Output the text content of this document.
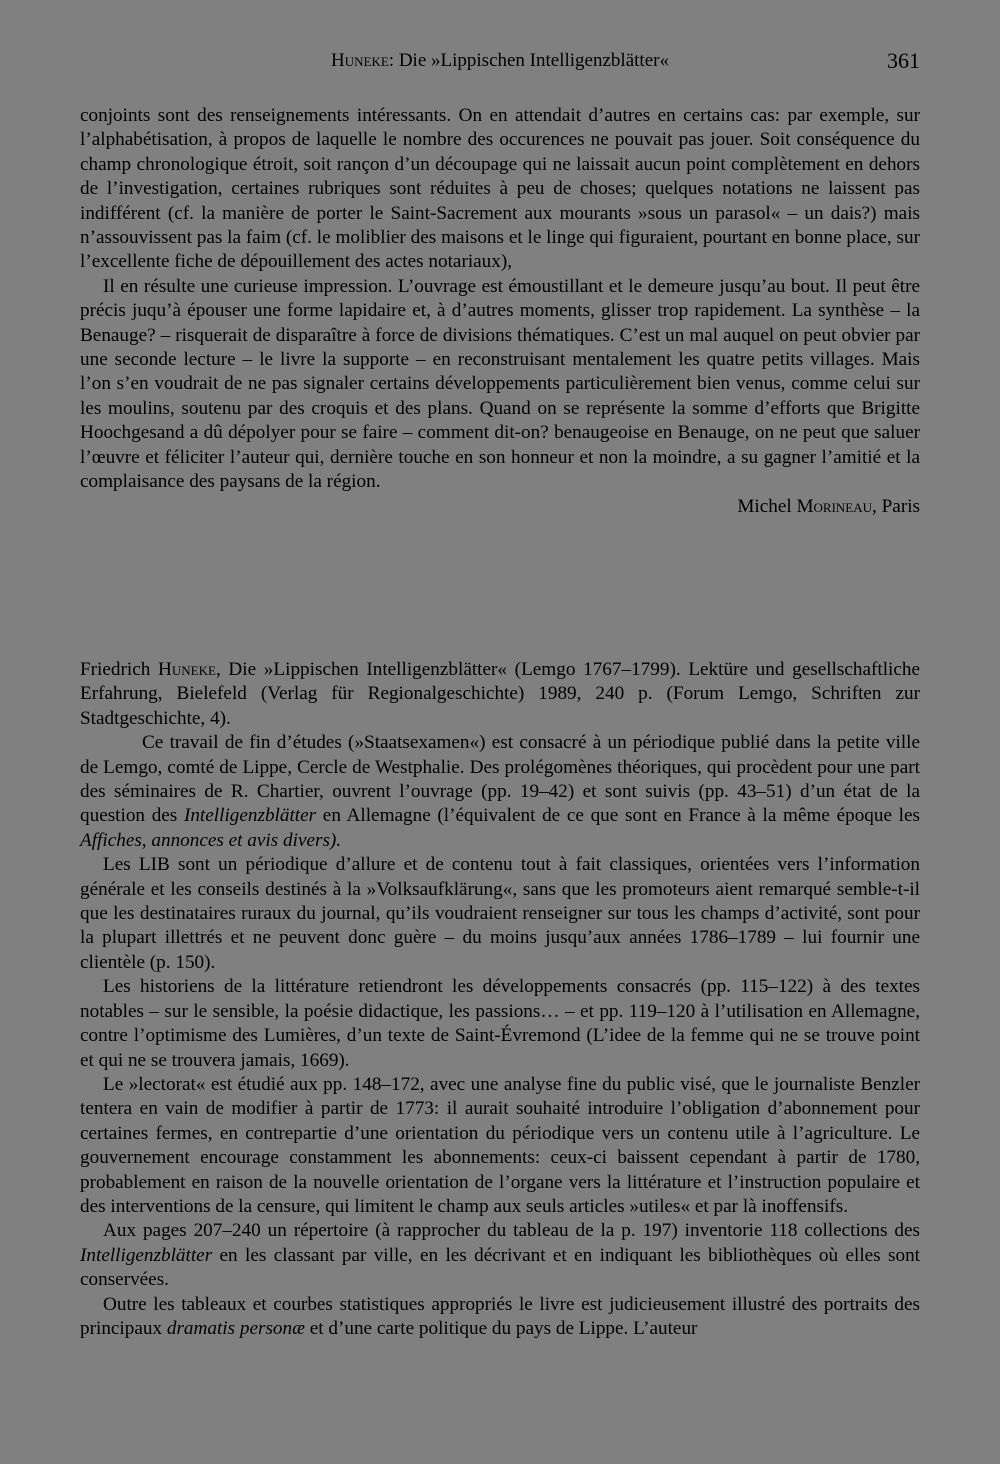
Huneke: Die »Lippischen Intelligenzblätter«	361

conjoints sont des renseignements intéressants. On en attendait d’autres en certains cas: par exemple, sur l’alphabétisation, à propos de laquelle le nombre des occurences ne pouvait pas jouer. Soit conséquence du champ chronologique étroit, soit rançon d’un découpage qui ne laissait aucun point complètement en dehors de l’investigation, certaines rubriques sont réduites à peu de choses; quelques notations ne laissent pas indifférent (cf. la manière de porter le Saint-Sacrement aux mourants »sous un parasol« – un dais?) mais n’assouvissent pas la faim (cf. le moliblier des maisons et le linge qui figuraient, pourtant en bonne place, sur l’excellente fiche de dépouillement des actes notariaux),

Il en résulte une curieuse impression. L’ouvrage est émoustillant et le demeure jusqu’au bout. Il peut être précis juqu’à épouser une forme lapidaire et, à d’autres moments, glisser trop rapidement. La synthèse – la Benauge? – risquerait de disparaître à force de divisions thématiques. C’est un mal auquel on peut obvier par une seconde lecture – le livre la supporte – en reconstruisant mentalement les quatre petits villages. Mais l’on s’en voudrait de ne pas signaler certains développements particulièrement bien venus, comme celui sur les moulins, soutenu par des croquis et des plans. Quand on se représente la somme d’efforts que Brigitte Hoochgesand a dû dépolyer pour se faire – comment dit-on? benaugeoise en Benauge, on ne peut que saluer l’œuvre et féliciter l’auteur qui, dernière touche en son honneur et non la moindre, a su gagner l’amitié et la complaisance des paysans de la région.

Michel Morineau, Paris

Friedrich Huneke, Die »Lippischen Intelligenzblätter« (Lemgo 1767–1799). Lektüre und gesellschaftliche Erfahrung, Bielefeld (Verlag für Regionalgeschichte) 1989, 240 p. (Forum Lemgo, Schriften zur Stadtgeschichte, 4).

Ce travail de fin d’études (»Staatsexamen«) est consacré à un périodique publié dans la petite ville de Lemgo, comté de Lippe, Cercle de Westphalie. Des prolégomènes théoriques, qui procèdent pour une part des séminaires de R. Chartier, ouvrent l’ouvrage (pp. 19–42) et sont suivis (pp. 43–51) d’un état de la question des Intelligenzblätter en Allemagne (l’équivalent de ce que sont en France à la même époque les Affiches, annonces et avis divers).

Les LIB sont un périodique d’allure et de contenu tout à fait classiques, orientées vers l’information générale et les conseils destinés à la »Volksaufklärung«, sans que les promoteurs aient remarqué semble-t-il que les destinataires ruraux du journal, qu’ils voudraient renseigner sur tous les champs d’activité, sont pour la plupart illettrés et ne peuvent donc guère – du moins jusqu’aux années 1786–1789 – lui fournir une clientèle (p. 150).

Les historiens de la littérature retiendront les développements consacrés (pp. 115–122) à des textes notables – sur le sensible, la poésie didactique, les passions… – et pp. 119–120 à l’utilisation en Allemagne, contre l’optimisme des Lumières, d’un texte de Saint-Évremond (L’idee de la femme qui ne se trouve point et qui ne se trouvera jamais, 1669).

Le »lectorat« est étudié aux pp. 148–172, avec une analyse fine du public visé, que le journaliste Benzler tentera en vain de modifier à partir de 1773: il aurait souhaité introduire l’obligation d’abonnement pour certaines fermes, en contrepartie d’une orientation du périodique vers un contenu utile à l’agriculture. Le gouvernement encourage constamment les abonnements: ceux-ci baissent cependant à partir de 1780, probablement en raison de la nouvelle orientation de l’organe vers la littérature et l’instruction populaire et des interventions de la censure, qui limitent le champ aux seuls articles »utiles« et par là inoffensifs.

Aux pages 207–240 un répertoire (à rapprocher du tableau de la p. 197) inventorie 118 collections des Intelligenzblätter en les classant par ville, en les décrivant et en indiquant les bibliothèques où elles sont conservées.

Outre les tableaux et courbes statistiques appropriés le livre est judicieusement illustré des portraits des principaux dramatis personæ et d’une carte politique du pays de Lippe. L’auteur
